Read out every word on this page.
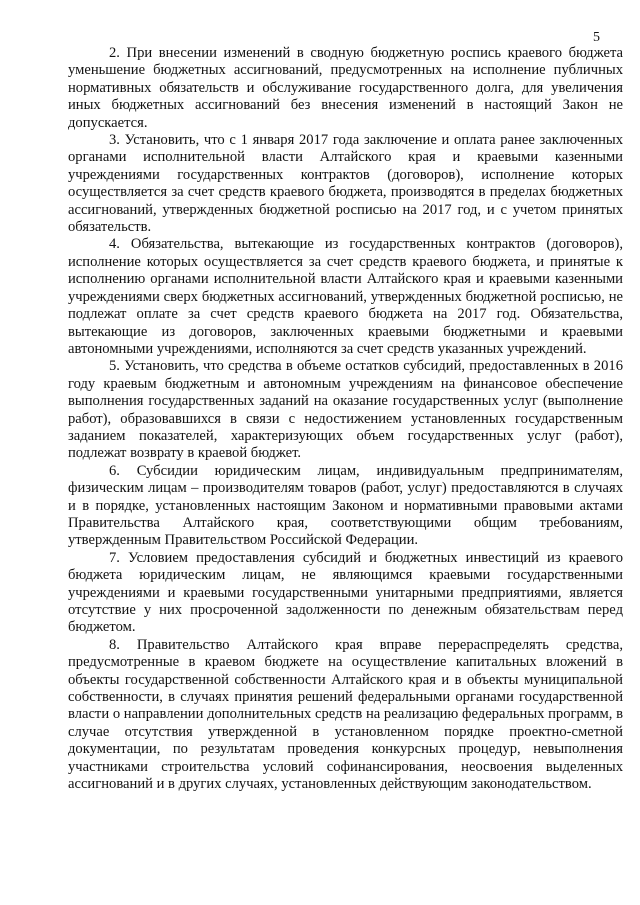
5

2. При внесении изменений в сводную бюджетную роспись краевого бюджета уменьшение бюджетных ассигнований, предусмотренных на исполнение публичных нормативных обязательств и обслуживание государственного долга, для увеличения иных бюджетных ассигнований без внесения изменений в настоящий Закон не допускается.

3. Установить, что с 1 января 2017 года заключение и оплата ранее заключенных органами исполнительной власти Алтайского края и краевыми казенными учреждениями государственных контрактов (договоров), исполнение которых осуществляется за счет средств краевого бюджета, производятся в пределах бюджетных ассигнований, утвержденных бюджетной росписью на 2017 год, и с учетом принятых обязательств.

4. Обязательства, вытекающие из государственных контрактов (договоров), исполнение которых осуществляется за счет средств краевого бюджета, и принятые к исполнению органами исполнительной власти Алтайского края и краевыми казенными учреждениями сверх бюджетных ассигнований, утвержденных бюджетной росписью, не подлежат оплате за счет средств краевого бюджета на 2017 год. Обязательства, вытекающие из договоров, заключенных краевыми бюджетными и краевыми автономными учреждениями, исполняются за счет средств указанных учреждений.

5. Установить, что средства в объеме остатков субсидий, предоставленных в 2016 году краевым бюджетным и автономным учреждениям на финансовое обеспечение выполнения государственных заданий на оказание государственных услуг (выполнение работ), образовавшихся в связи с недостижением установленных государственным заданием показателей, характеризующих объем государственных услуг (работ), подлежат возврату в краевой бюджет.

6. Субсидии юридическим лицам, индивидуальным предпринимателям, физическим лицам – производителям товаров (работ, услуг) предоставляются в случаях и в порядке, установленных настоящим Законом и нормативными правовыми актами Правительства Алтайского края, соответствующими общим требованиям, утвержденным Правительством Российской Федерации.

7. Условием предоставления субсидий и бюджетных инвестиций из краевого бюджета юридическим лицам, не являющимся краевыми государственными учреждениями и краевыми государственными унитарными предприятиями, является отсутствие у них просроченной задолженности по денежным обязательствам перед бюджетом.

8. Правительство Алтайского края вправе перераспределять средства, предусмотренные в краевом бюджете на осуществление капитальных вложений в объекты государственной собственности Алтайского края и в объекты муниципальной собственности, в случаях принятия решений федеральными органами государственной власти о направлении дополнительных средств на реализацию федеральных программ, в случае отсутствия утвержденной в установленном порядке проектно-сметной документации, по результатам проведения конкурсных процедур, невыполнения участниками строительства условий софинансирования, неосвоения выделенных ассигнований и в других случаях, установленных действующим законодательством.
